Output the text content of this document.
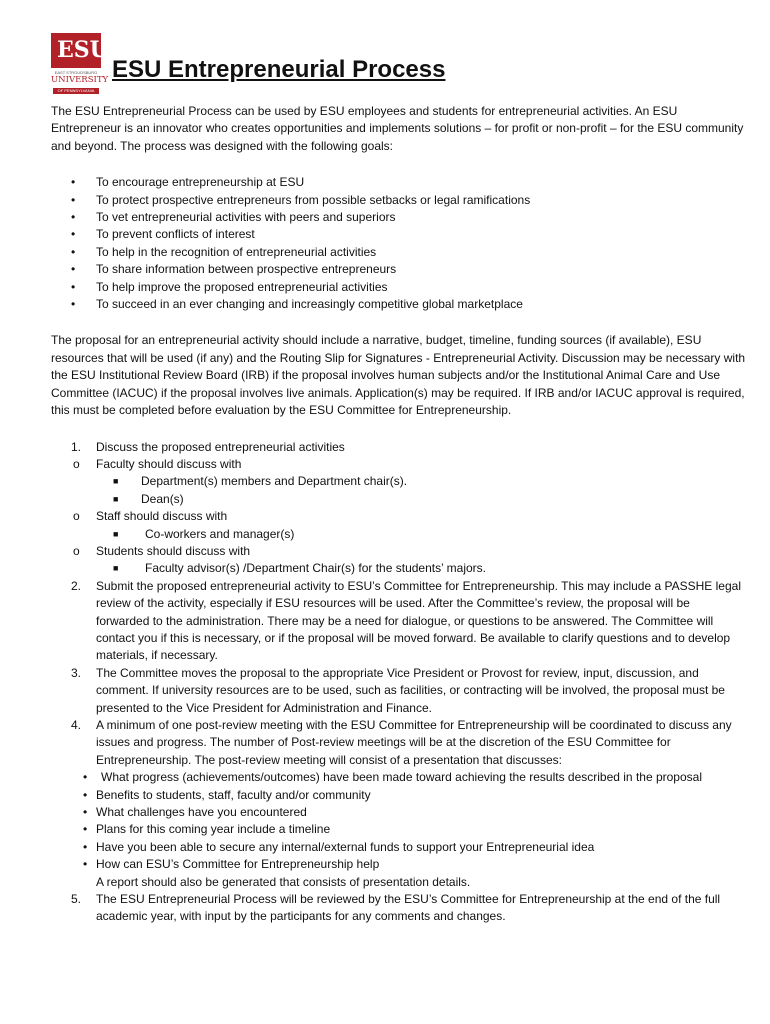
ESU
EAST STROUDSBURG
UNIVERSITY
OF PENNSYLVANIA
ESU Entrepreneurial Process

The ESU Entrepreneurial Process can be used by ESU employees and students for entrepreneurial activities. An ESU Entrepreneur is an innovator who creates opportunities and implements solutions – for profit or non-profit – for the ESU community and beyond. The process was designed with the following goals:

• To encourage entrepreneurship at ESU
• To protect prospective entrepreneurs from possible setbacks or legal ramifications
• To vet entrepreneurial activities with peers and superiors
• To prevent conflicts of interest
• To help in the recognition of entrepreneurial activities
• To share information between prospective entrepreneurs
• To help improve the proposed entrepreneurial activities
• To succeed in an ever changing and increasingly competitive global marketplace

The proposal for an entrepreneurial activity should include a narrative, budget, timeline, funding sources (if available), ESU resources that will be used (if any) and the Routing Slip for Signatures - Entrepreneurial Activity. Discussion may be necessary with the ESU Institutional Review Board (IRB) if the proposal involves human subjects and/or the Institutional Animal Care and Use Committee (IACUC) if the proposal involves live animals. Application(s) may be required. If IRB and/or IACUC approval is required, this must be completed before evaluation by the ESU Committee for Entrepreneurship.

1. Discuss the proposed entrepreneurial activities
o Faculty should discuss with
■ Department(s) members and Department chair(s).
■ Dean(s)
o Staff should discuss with
■ Co-workers and manager(s)
o Students should discuss with
■ Faculty advisor(s) /Department Chair(s) for the students’ majors.
2. Submit the proposed entrepreneurial activity to ESU’s Committee for Entrepreneurship. This may include a PASSHE legal review of the activity, especially if ESU resources will be used. After the Committee’s review, the proposal will be forwarded to the administration. There may be a need for dialogue, or questions to be answered. The Committee will contact you if this is necessary, or if the proposal will be moved forward. Be available to clarify questions and to develop materials, if necessary.
3. The Committee moves the proposal to the appropriate Vice President or Provost for review, input, discussion, and comment. If university resources are to be used, such as facilities, or contracting will be involved, the proposal must be presented to the Vice President for Administration and Finance.
4. A minimum of one post-review meeting with the ESU Committee for Entrepreneurship will be coordinated to discuss any issues and progress. The number of Post-review meetings will be at the discretion of the ESU Committee for Entrepreneurship. The post-review meeting will consist of a presentation that discusses:
• What progress (achievements/outcomes) have been made toward achieving the results described in the proposal
• Benefits to students, staff, faculty and/or community
• What challenges have you encountered
• Plans for this coming year include a timeline
• Have you been able to secure any internal/external funds to support your Entrepreneurial idea
• How can ESU’s Committee for Entrepreneurship help
A report should also be generated that consists of presentation details.
5. The ESU Entrepreneurial Process will be reviewed by the ESU’s Committee for Entrepreneurship at the end of the full academic year, with input by the participants for any comments and changes.
